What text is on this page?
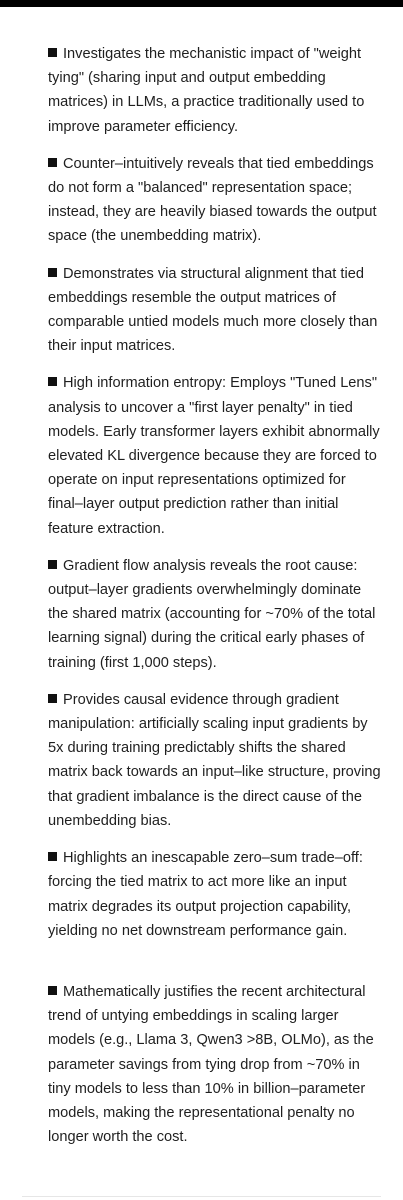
Investigates the mechanistic impact of "weight tying" (sharing input and output embedding matrices) in LLMs, a practice traditionally used to improve parameter efficiency.

Counter–intuitively reveals that tied embeddings do not form a "balanced" representation space; instead, they are heavily biased towards the output space (the unembedding matrix).

Demonstrates via structural alignment that tied embeddings resemble the output matrices of comparable untied models much more closely than their input matrices.

High information entropy: Employs "Tuned Lens" analysis to uncover a "first layer penalty" in tied models. Early transformer layers exhibit abnormally elevated KL divergence because they are forced to operate on input representations optimized for final–layer output prediction rather than initial feature extraction.

Gradient flow analysis reveals the root cause: output–layer gradients overwhelmingly dominate the shared matrix (accounting for ~70% of the total learning signal) during the critical early phases of training (first 1,000 steps).

Provides causal evidence through gradient manipulation: artificially scaling input gradients by 5x during training predictably shifts the shared matrix back towards an input–like structure, proving that gradient imbalance is the direct cause of the unembedding bias.

Highlights an inescapable zero–sum trade–off: forcing the tied matrix to act more like an input matrix degrades its output projection capability, yielding no net downstream performance gain.

Mathematically justifies the recent architectural trend of untying embeddings in scaling larger models (e.g., Llama 3, Qwen3 >8B, OLMo), as the parameter savings from tying drop from ~70% in tiny models to less than 10% in billion–parameter models, making the representational penalty no longer worth the cost.
